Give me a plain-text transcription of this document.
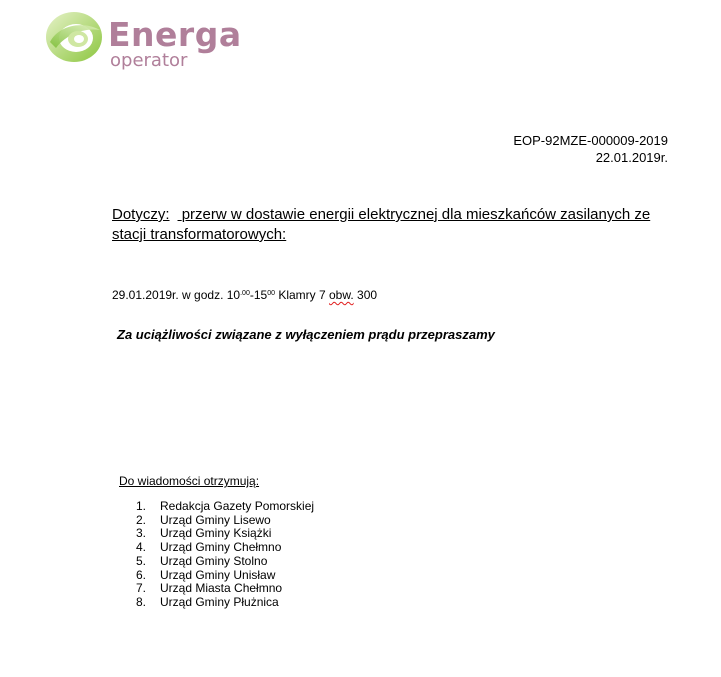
Energa
operator
EOP-92MZE-000009-2019
22.01.2019r.
Dotyczy: przerw w dostawie energii elektrycznej dla mieszkańców zasilanych ze stacji transformatorowych:
29.01.2019r. w godz. $10^{.00}-15^{00}$ Klamry 7 obw. 300
Za uciążliwości związane z wyłączeniem prądu przepraszamy
Do wiadomości otrzymują:
1. Redakcja Gazety Pomorskiej
2. Urząd Gminy Lisewo
3. Urząd Gminy Książki
4. Urząd Gminy Chełmno
5. Urząd Gminy Stolno
6. Urząd Gminy Unisław
7. Urząd Miasta Chełmno
8. Urząd Gminy Płużnica
